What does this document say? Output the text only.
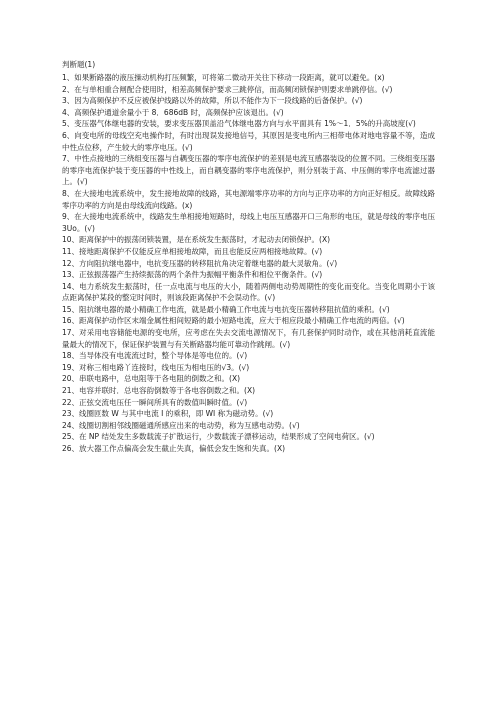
判断题(1)
1、如果断路器的液压操动机构打压频繁，可将第二微动开关往下移动一段距离，就可以避免。(x)
2、在与单相重合闸配合使用时，相差高频保护要求三跳停信，而高频闭锁保护则要求单跳停信。(√)
3、因为高频保护不反应被保护线路以外的故障，所以不能作为下一段线路的后备保护。(√)
4、高频保护通道余量小于 8．686dB 时，高频保护应该退出。(√)
5、变压器气体继电器的安装，要求变压器顶盖沿气体继电器方向与水平面具有 1%～1．5%的升高坡度(√)
6、向变电所的母线空充电操作时，有时出现误发接地信号，其原因是变电所内三相带电体对地电容量不等，造成中性点位移，产生较大的零序电压。(√)
7、中性点接地的三绕组变压器与自耦变压器的零序电流保护的差别是电流互感器装设的位置不同。三绕组变压器的零序电流保护装于变压器的中性线上，而自耦变器的零序电流保护，则分别装于高、中压侧的零序电流滤过器上。(√)
8、在大接地电流系统中，发生接地故障的线路，其电源端零序功率的方向与正序功率的方向正好相反。故障线路零序功率的方向是由母线流向线路。(x)
9、在大接地电流系统中，线路发生单相接地短路时，母线上电压互感器开口三角形的电压，就是母线的零序电压 3Uo。(√)
10、距离保护中的振荡闭锁装置，是在系统发生振荡时，才起动去闭锁保护。(X)
11、接地距离保护不仅能反应单相接地故障，而且也能反应两相接地故障。(√)
12、方向阻抗继电器中，电抗变压器的转移阻抗角决定着继电器的最大灵敏角。(√)
13、正弦振荡器产生持续振荡的两个条件为振幅平衡条件和相位平衡条件。(√)
14、电力系统发生振荡时，任一点电流与电压的大小，随着两侧电动势周期性的变化而变化。当变化周期小于该点距离保护某段的整定时间时，则该段距离保护不会误动作。(√)
15、阻抗继电器的最小精确工作电流，就是最小精确工作电流与电抗变压器转移阻抗值的乘积。(√)
16、距离保护动作区末端金属性相间短路的最小短路电流，应大于相应段最小精确工作电流的两倍。(√)
17、对采用电容储能电源的变电所，应考虑在失去交流电源情况下，有几套保护同时动作，或在其他消耗直流能量最大的情况下，保证保护装置与有关断路器均能可靠动作跳闸。(√)
18、当导体没有电流流过时，整个导体是等电位的。(√)
19、对称三相电路丫连接时，线电压为相电压的√3。(√)
20、串联电路中，总电阻等于各电阻的倒数之和。(X)
21、电容并联时．总电容韵倒数等于各电容倒数之和。(X)
22、正弦交流电压任一瞬间所具有的数值叫瞬时值。(√)
23、线圈匝数 W 与其中电流 I 的乘积，即 WI 称为磁动势。(√)
24、线圈切割相邻线圈磁通所感应出来的电动势，称为互感电动势。(√)
25、在 NP 结处发生多数载流子扩散运行，少数载流子漂移运动，结果形成了空间电荷区。(√)
26、放大器工作点偏高会发生截止失真，偏低会发生饱和失真。(X)
